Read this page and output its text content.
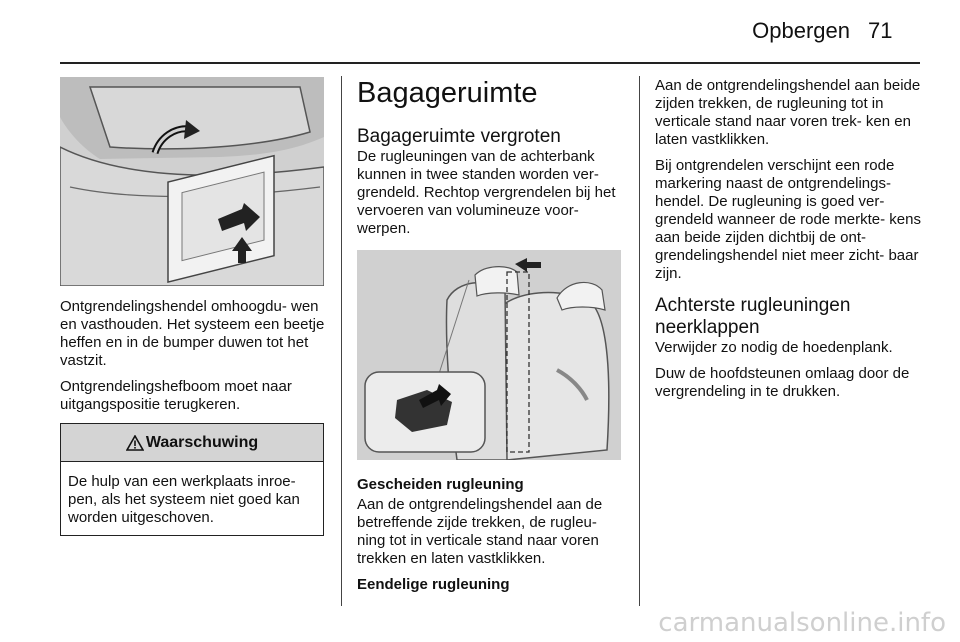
Opbergen 71

Ontgrendelingshendel omhoogdu- wen en vasthouden. Het systeem een beetje heffen en in de bumper duwen tot het vastzit.

Ontgrendelingshefboom moet naar uitgangspositie terugkeren.

Waarschuwing
De hulp van een werkplaats inroe- pen, als het systeem niet goed kan worden uitgeschoven.
Bagageruimte
Bagageruimte vergroten

De rugleuningen van de achterbank kunnen in twee standen worden ver- grendeld. Rechtop vergrendelen bij het vervoeren van volumineuze voor- werpen.

Gescheiden rugleuning

Aan de ontgrendelingshendel aan de betreffende zijde trekken, de rugleu- ning tot in verticale stand naar voren trekken en laten vastklikken.

Eendelige rugleuning

Aan de ontgrendelingshendel aan beide zijden trekken, de rugleuning tot in verticale stand naar voren trek- ken en laten vastklikken.

Bij ontgrendelen verschijnt een rode markering naast de ontgrendelings- hendel. De rugleuning is goed ver- grendeld wanneer de rode merkte- kens aan beide zijden dichtbij de ont- grendelingshendel niet meer zicht- baar zijn.

Achterste rugleuningen neerklappen

Verwijder zo nodig de hoedenplank.

Duw de hoofdsteunen omlaag door de vergrendeling in te drukken.

carmanualsonline.info
